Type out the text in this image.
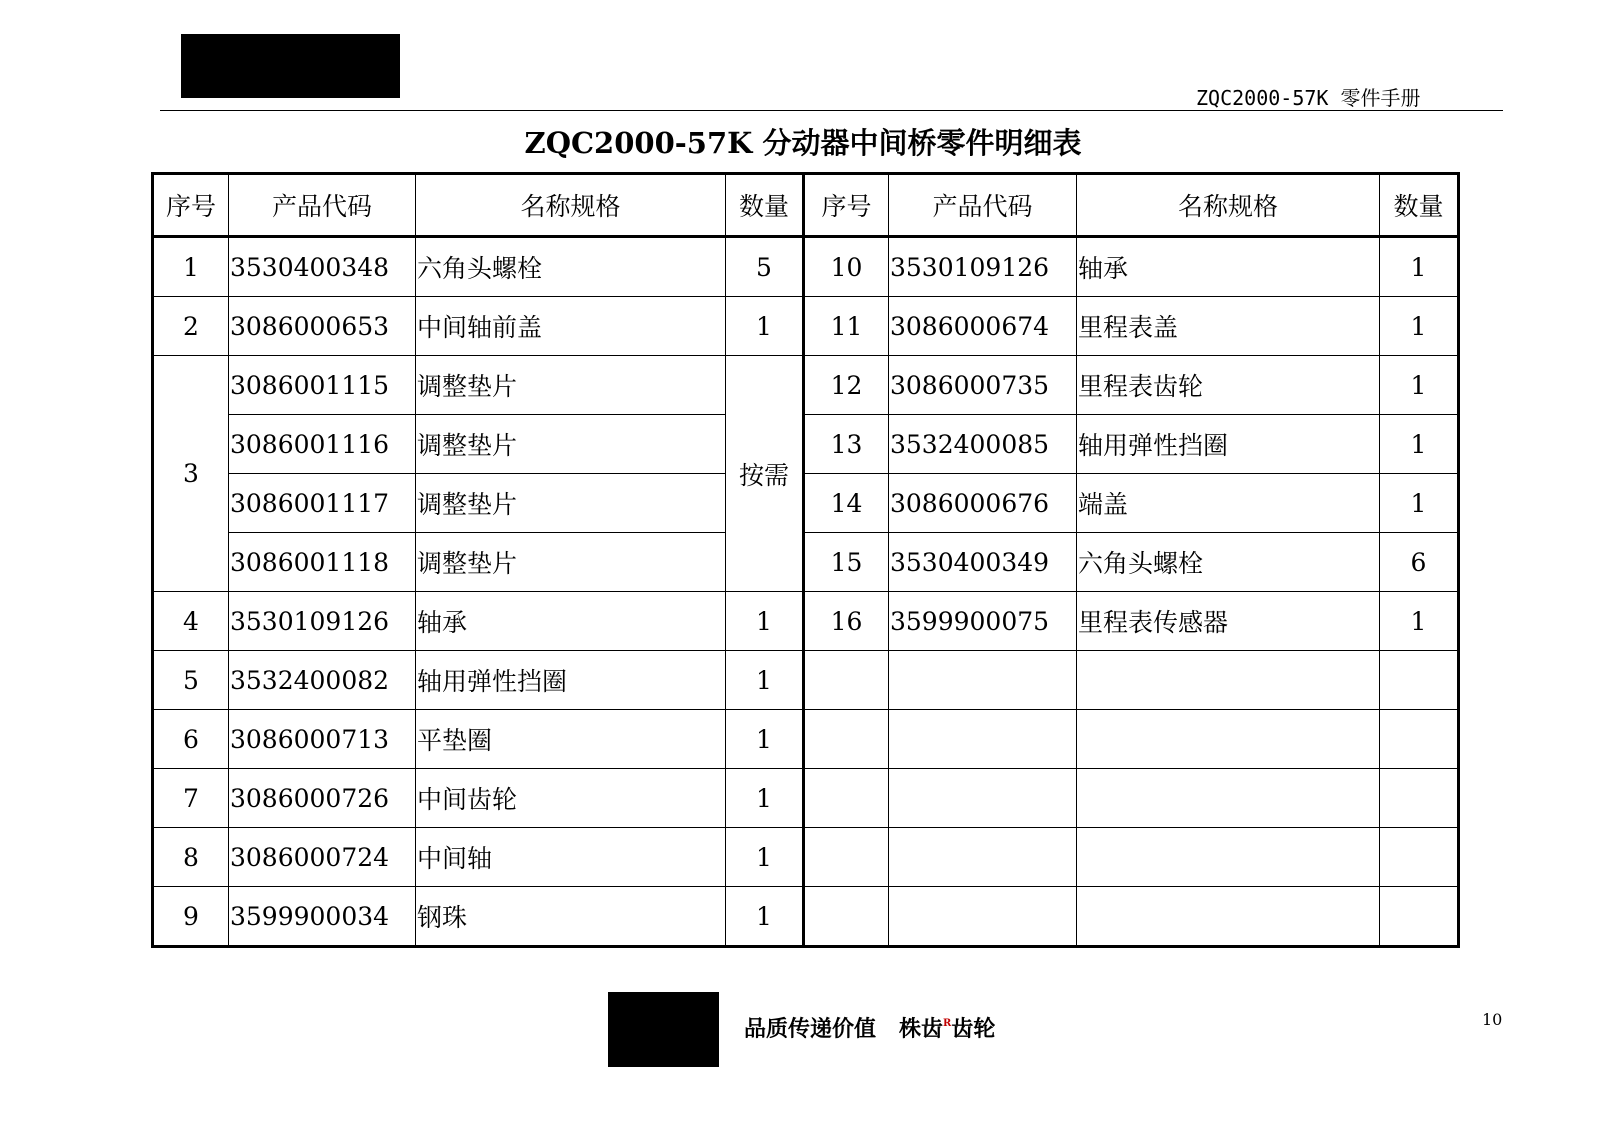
ZQC2000-57K 零件手册
ZQC2000-57K 分动器中间桥零件明细表
序号	产品代码	名称规格	数量	序号	产品代码	名称规格	数量
1	3530400348	六角头螺栓	5	10	3530109126	轴承	1
2	3086000653	中间轴前盖	1	11	3086000674	里程表盖	1
3	3086001115	调整垫片	按需	12	3086000735	里程表齿轮	1
	3086001116	调整垫片		13	3532400085	轴用弹性挡圈	1
	3086001117	调整垫片		14	3086000676	端盖	1
	3086001118	调整垫片		15	3530400349	六角头螺栓	6
4	3530109126	轴承	1	16	3599900075	里程表传感器	1
5	3532400082	轴用弹性挡圈	1				
6	3086000713	平垫圈	1				
7	3086000726	中间齿轮	1				
8	3086000724	中间轴	1				
9	3599900034	钢珠	1				
品质传递价值 株齿$^R$齿轮	10
